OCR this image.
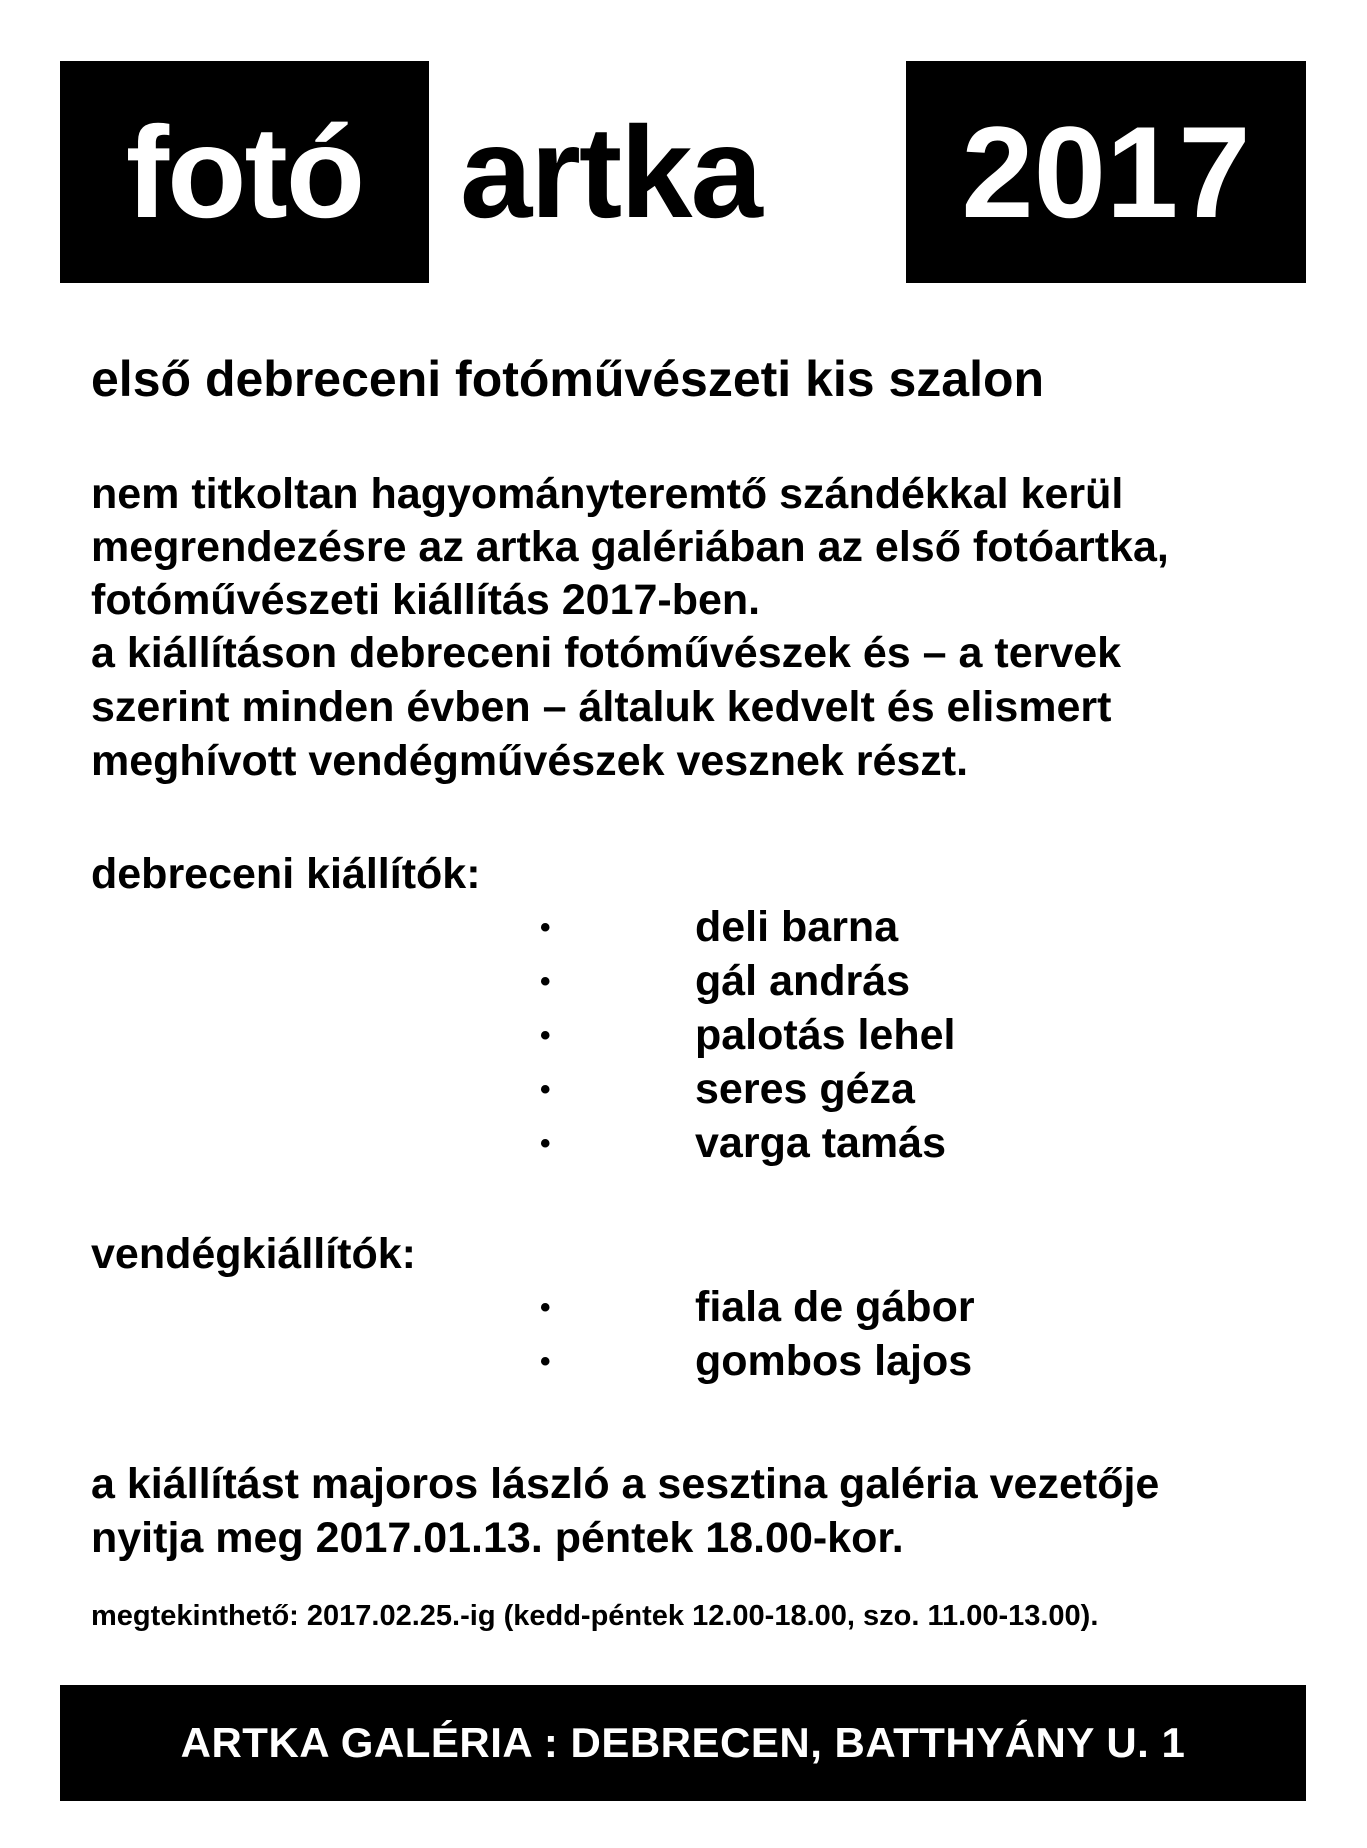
fotó artka	2017
első debreceni fotóművészeti kis szalon
nem titkoltan hagyományteremtő szándékkal kerül
megrendezésre az artka galériában az első fotóartka,
fotóművészeti kiállítás 2017-ben.
a kiállításon debreceni fotóművészek és – a tervek
szerint minden évben – általuk kedvelt és elismert
meghívott vendégművészek vesznek részt.
debreceni kiállítók:
•	deli barna
•	gál andrás
•	palotás lehel
•	seres géza
•	varga tamás
vendégkiállítók:
•	fiala de gábor
•	gombos lajos
a kiállítást majoros lászló a sesztina galéria vezetője
nyitja meg 2017.01.13. péntek 18.00-kor.
megtekinthető: 2017.02.25.-ig (kedd-péntek 12.00-18.00, szo. 11.00-13.00).
ARTKA GALÉRIA : DEBRECEN, BATTHYÁNY U. 1
